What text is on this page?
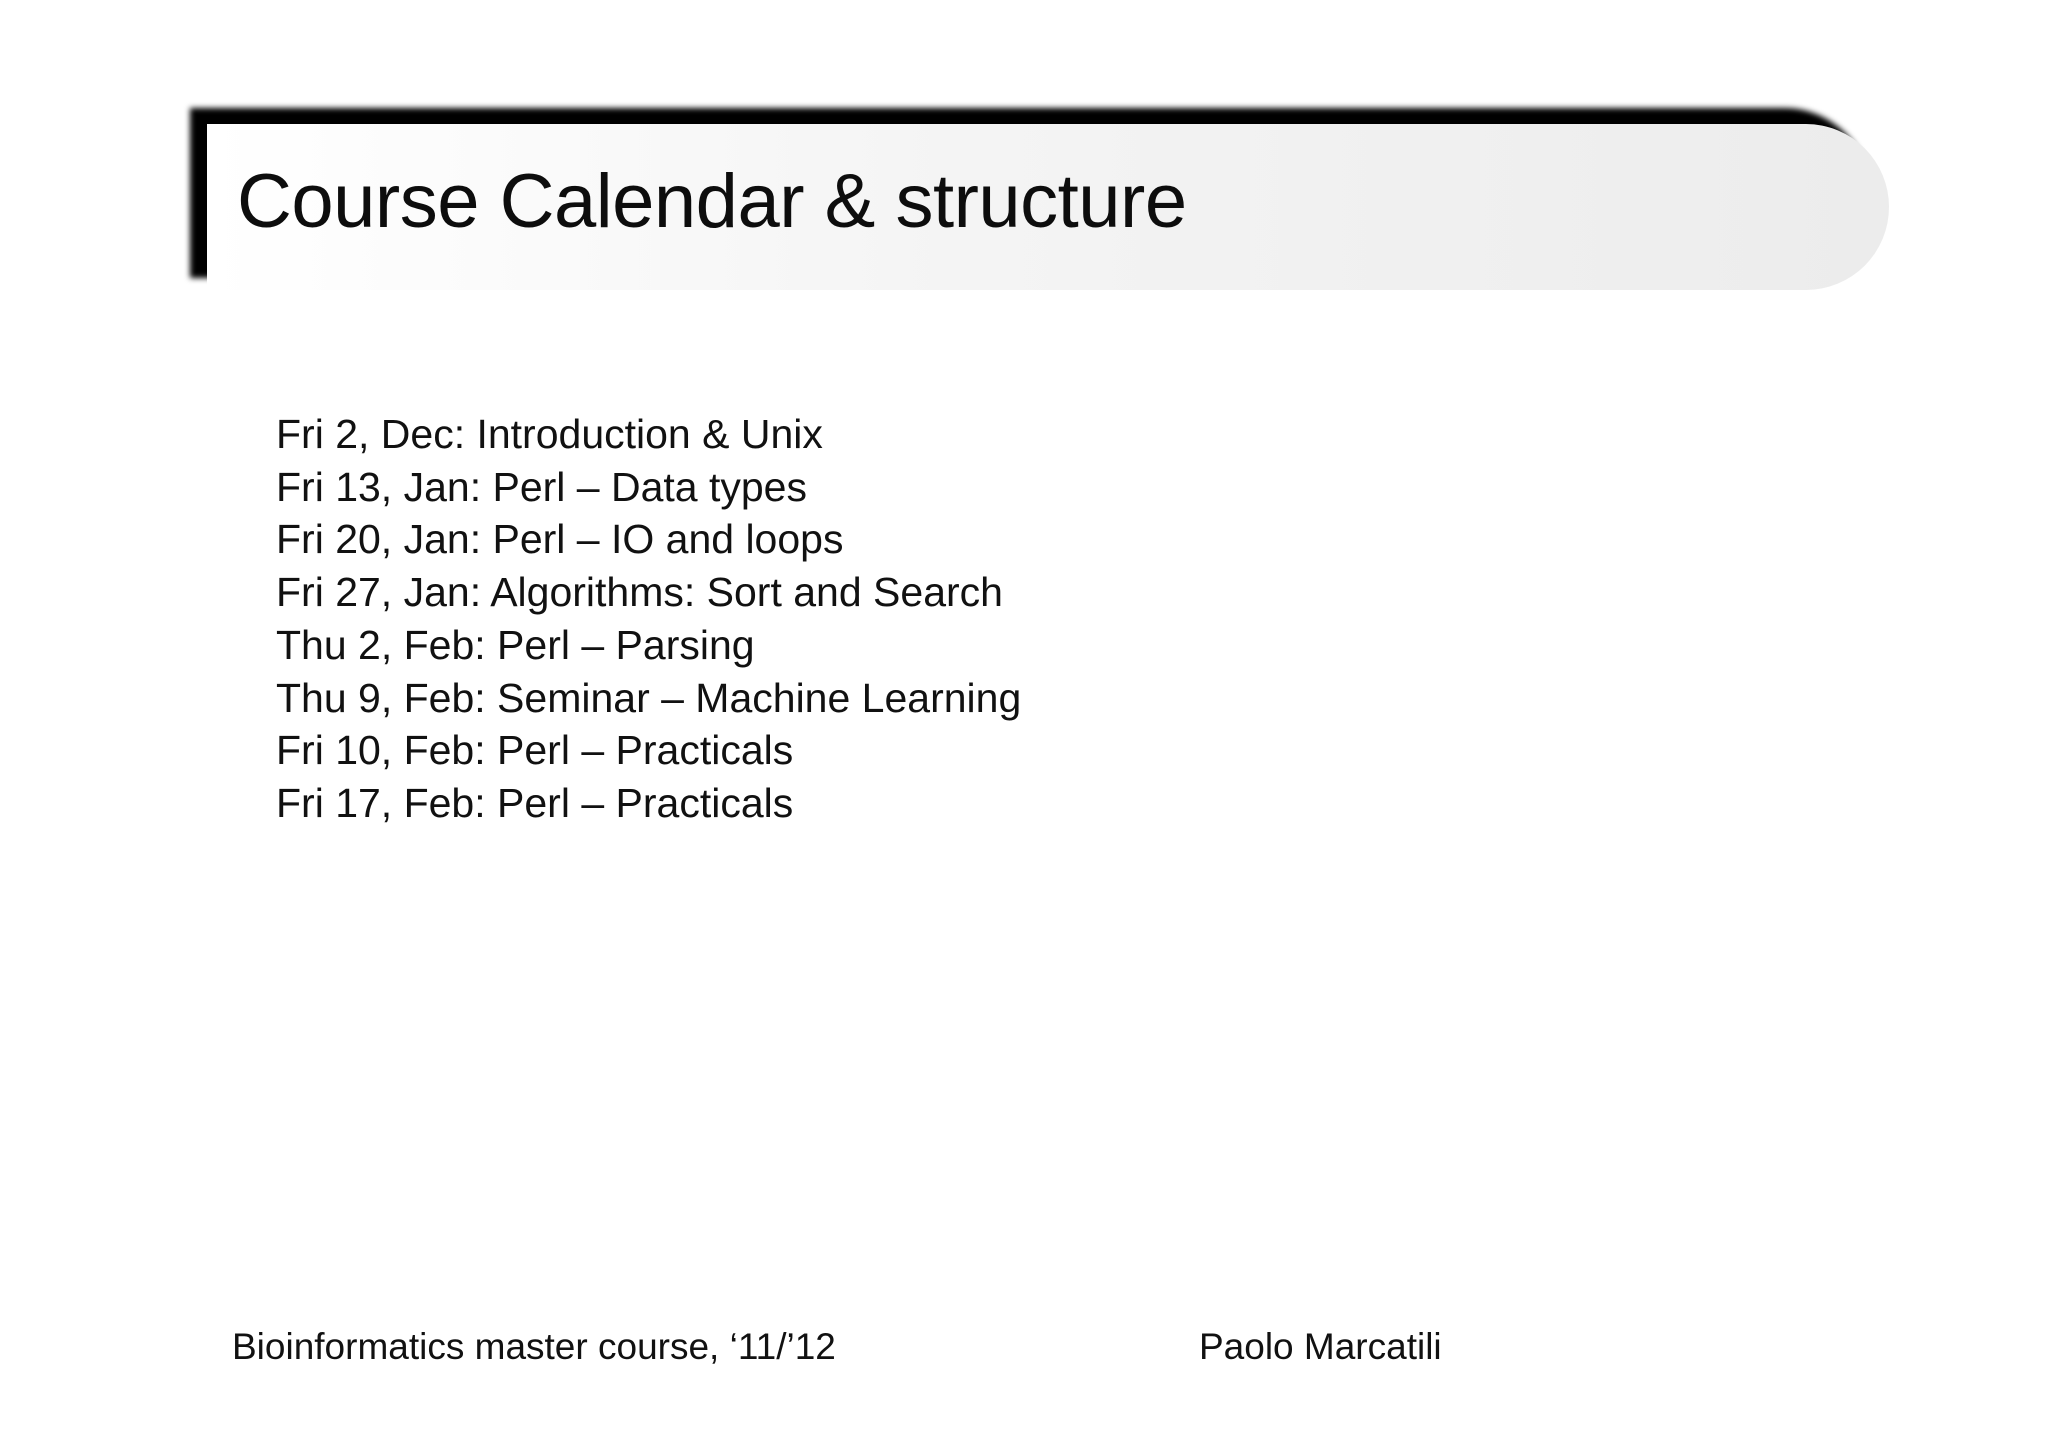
Course Calendar & structure
Fri 2, Dec: Introduction & Unix
Fri 13, Jan: Perl – Data types
Fri 20, Jan: Perl – IO and loops
Fri 27, Jan: Algorithms: Sort and Search
Thu 2, Feb: Perl – Parsing
Thu 9, Feb: Seminar – Machine Learning
Fri 10, Feb: Perl – Practicals
Fri 17, Feb: Perl – Practicals
Bioinformatics master course, ‘11/’12	Paolo Marcatili
